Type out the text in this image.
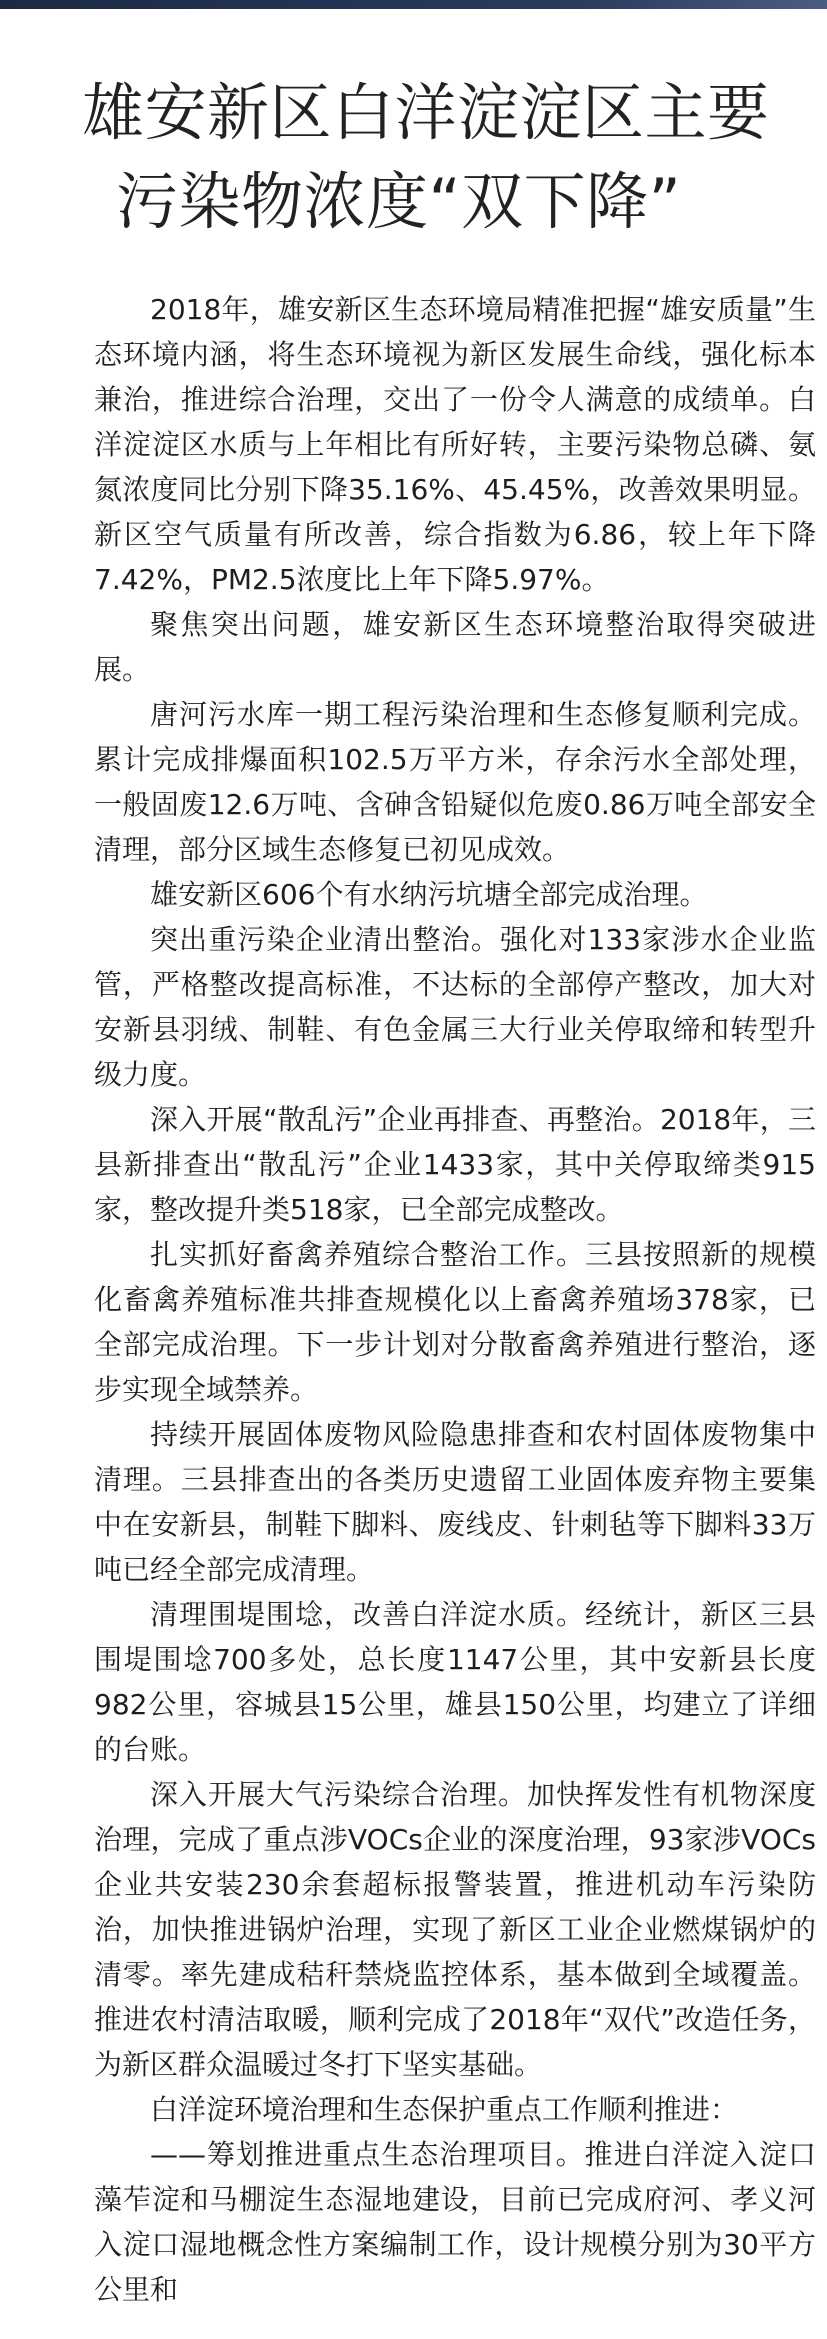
雄安新区白洋淀淀区主要
污染物浓度“双下降”

2018年，雄安新区生态环境局精准把握“雄安质量”生态环境内涵，将生态环境视为新区发展生命线，强化标本兼治，推进综合治理，交出了一份令人满意的成绩单。白洋淀淀区水质与上年相比有所好转，主要污染物总磷、氨氮浓度同比分别下降35.16%、45.45%，改善效果明显。新区空气质量有所改善，综合指数为6.86，较上年下降7.42%，PM2.5浓度比上年下降5.97%。

聚焦突出问题，雄安新区生态环境整治取得突破进展。

唐河污水库一期工程污染治理和生态修复顺利完成。累计完成排爆面积102.5万平方米，存余污水全部处理，一般固废12.6万吨、含砷含铅疑似危废0.86万吨全部安全清理，部分区域生态修复已初见成效。

雄安新区606个有水纳污坑塘全部完成治理。

突出重污染企业清出整治。强化对133家涉水企业监管，严格整改提高标准，不达标的全部停产整改，加大对安新县羽绒、制鞋、有色金属三大行业关停取缔和转型升级力度。

深入开展“散乱污”企业再排查、再整治。2018年，三县新排查出“散乱污”企业1433家，其中关停取缔类915家，整改提升类518家，已全部完成整改。

扎实抓好畜禽养殖综合整治工作。三县按照新的规模化畜禽养殖标准共排查规模化以上畜禽养殖场378家，已全部完成治理。下一步计划对分散畜禽养殖进行整治，逐步实现全域禁养。

持续开展固体废物风险隐患排查和农村固体废物集中清理。三县排查出的各类历史遗留工业固体废弃物主要集中在安新县，制鞋下脚料、废线皮、针刺毡等下脚料33万吨已经全部完成清理。

清理围堤围埝，改善白洋淀水质。经统计，新区三县围堤围埝700多处，总长度1147公里，其中安新县长度982公里，容城县15公里，雄县150公里，均建立了详细的台账。

深入开展大气污染综合治理。加快挥发性有机物深度治理，完成了重点涉VOCs企业的深度治理，93家涉VOCs企业共安装230余套超标报警装置，推进机动车污染防治，加快推进锅炉治理，实现了新区工业企业燃煤锅炉的清零。率先建成秸秆禁烧监控体系，基本做到全域覆盖。推进农村清洁取暖，顺利完成了2018年“双代”改造任务，为新区群众温暖过冬打下坚实基础。

白洋淀环境治理和生态保护重点工作顺利推进：

——筹划推进重点生态治理项目。推进白洋淀入淀口藻苲淀和马棚淀生态湿地建设，目前已完成府河、孝义河入淀口湿地概念性方案编制工作，设计规模分别为30平方公里和
